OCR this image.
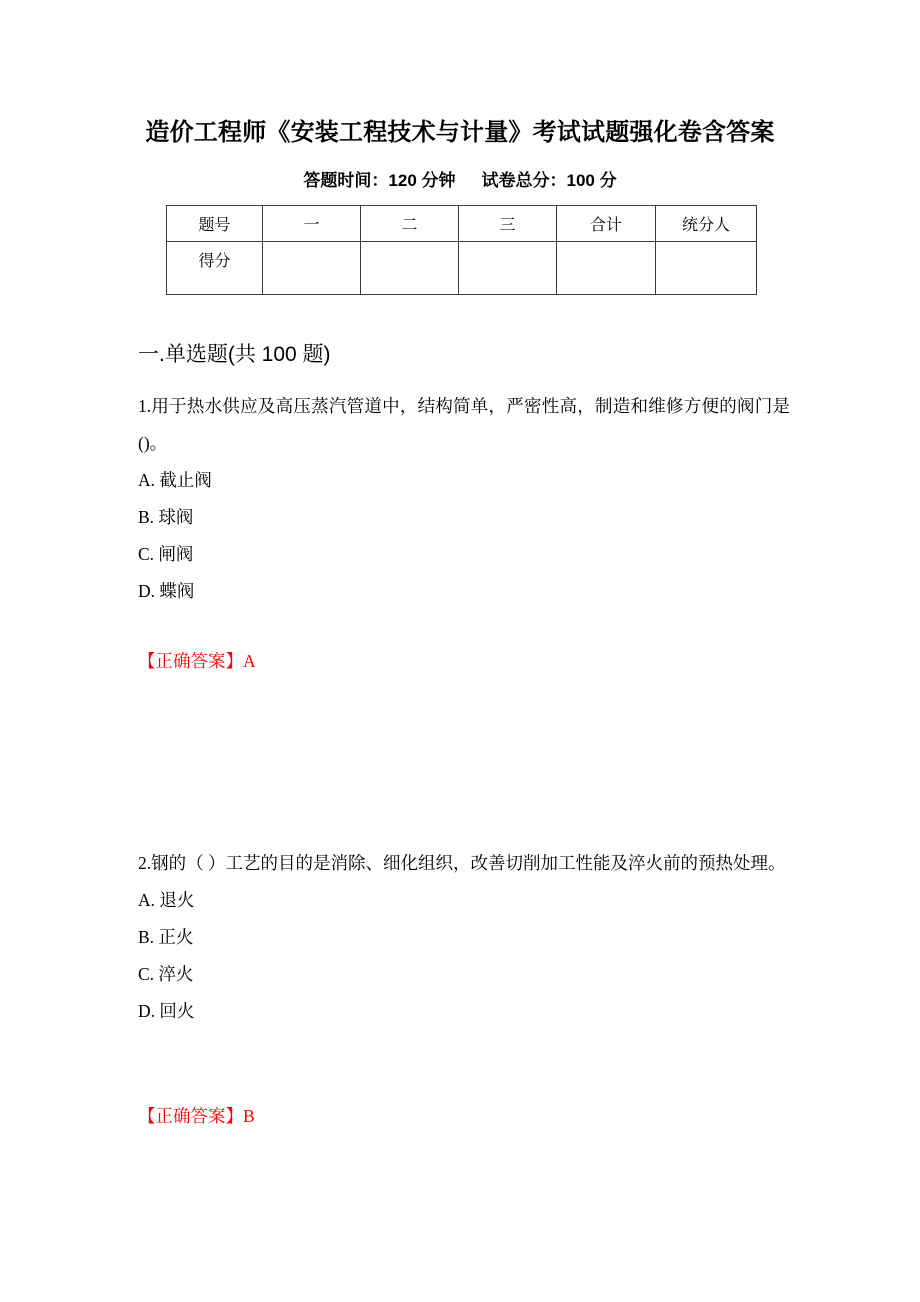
造价工程师《安装工程技术与计量》考试试题强化卷含答案
答题时间：120 分钟 试卷总分：100 分
题号	一	二	三	合计	统分人
得分					
一.单选题(共 100 题)

1.用于热水供应及高压蒸汽管道中，结构简单，严密性高，制造和维修方便的阀门是()。

A. 截止阀
B. 球阀
C. 闸阀
D. 蝶阀
【正确答案】A

2.钢的（ ）工艺的目的是消除、细化组织，改善切削加工性能及淬火前的预热处理。

A. 退火
B. 正火
C. 淬火
D. 回火
【正确答案】B
